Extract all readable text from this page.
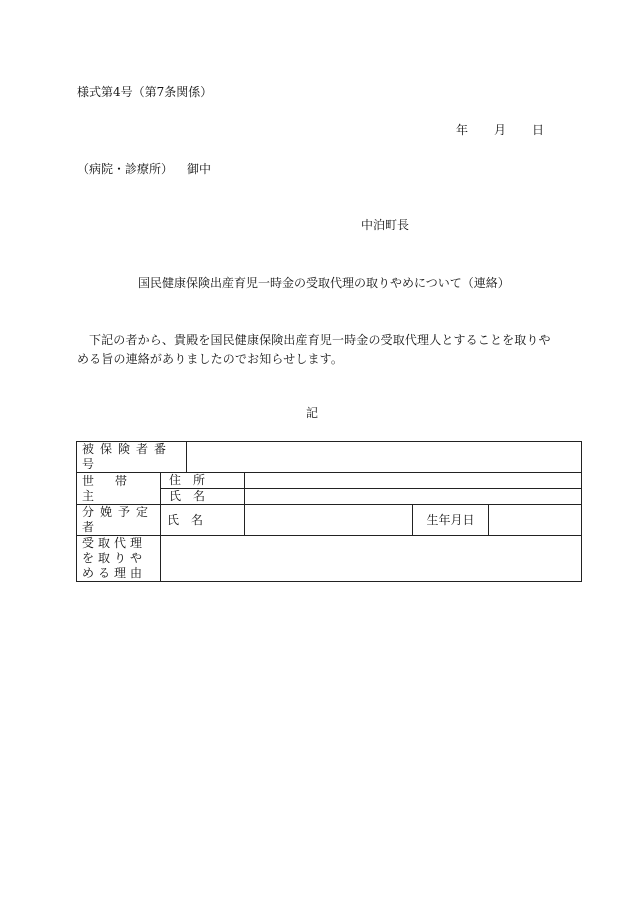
様式第4号（第7条関係）
年 月 日
（病院・診療所） 御中
中泊町長
国民健康保険出産育児一時金の受取代理の取りやめについて（連絡）
下記の者から、貴殿を国民健康保険出産育児一時金の受取代理人とすることを取りやめる旨の連絡がありましたのでお知らせします。
記
被保険者番号					
世帯主	住　所				
	氏　名				
分娩予定者	氏　名			生年月日	
受取代理を取りやめる理由					
